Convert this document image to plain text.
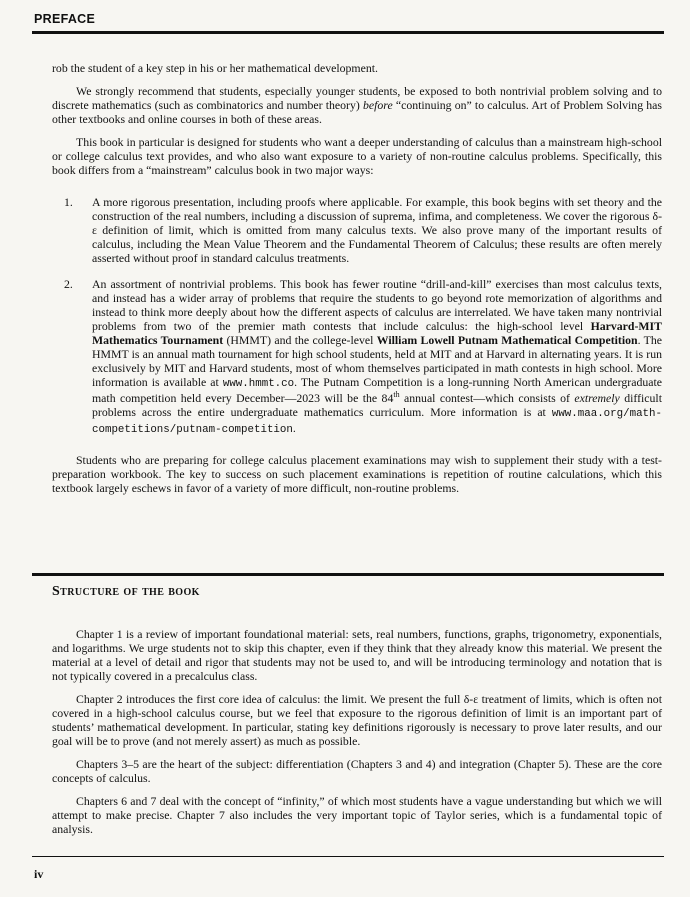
PREFACE

rob the student of a key step in his or her mathematical development.

We strongly recommend that students, especially younger students, be exposed to both nontrivial problem solving and to discrete mathematics (such as combinatorics and number theory) before “continuing on” to calculus. Art of Problem Solving has other textbooks and online courses in both of these areas.

This book in particular is designed for students who want a deeper understanding of calculus than a mainstream high-school or college calculus text provides, and who also want exposure to a variety of non-routine calculus problems. Specifically, this book differs from a “mainstream” calculus book in two major ways:

1. A more rigorous presentation, including proofs where applicable. For example, this book begins with set theory and the construction of the real numbers, including a discussion of suprema, infima, and completeness. We cover the rigorous δ-ε definition of limit, which is omitted from many calculus texts. We also prove many of the important results of calculus, including the Mean Value Theorem and the Fundamental Theorem of Calculus; these results are often merely asserted without proof in standard calculus treatments.
2. An assortment of nontrivial problems. This book has fewer routine “drill-and-kill” exercises than most calculus texts, and instead has a wider array of problems that require the students to go beyond rote memorization of algorithms and instead to think more deeply about how the different aspects of calculus are interrelated. We have taken many nontrivial problems from two of the premier math contests that include calculus: the high-school level Harvard-MIT Mathematics Tournament (HMMT) and the college-level William Lowell Putnam Mathematical Competition. The HMMT is an annual math tournament for high school students, held at MIT and at Harvard in alternating years. It is run exclusively by MIT and Harvard students, most of whom themselves participated in math contests in high school. More information is available at www.hmmt.co. The Putnam Competition is a long-running North American undergraduate math competition held every December—2023 will be the 84th annual contest—which consists of extremely difficult problems across the entire undergraduate mathematics curriculum. More information is at www.maa.org/math-competitions/putnam-competition.

Students who are preparing for college calculus placement examinations may wish to supplement their study with a test-preparation workbook. The key to success on such placement examinations is repetition of routine calculations, which this textbook largely eschews in favor of a variety of more difficult, non-routine problems.

Structure of the book

Chapter 1 is a review of important foundational material: sets, real numbers, functions, graphs, trigonometry, exponentials, and logarithms. We urge students not to skip this chapter, even if they think that they already know this material. We present the material at a level of detail and rigor that students may not be used to, and will be introducing terminology and notation that is not typically covered in a precalculus class.

Chapter 2 introduces the first core idea of calculus: the limit. We present the full δ-ε treatment of limits, which is often not covered in a high-school calculus course, but we feel that exposure to the rigorous definition of limit is an important part of students’ mathematical development. In particular, stating key definitions rigorously is necessary to prove later results, and our goal will be to prove (and not merely assert) as much as possible.

Chapters 3–5 are the heart of the subject: differentiation (Chapters 3 and 4) and integration (Chapter 5). These are the core concepts of calculus.

Chapters 6 and 7 deal with the concept of “infinity,” of which most students have a vague understanding but which we will attempt to make precise. Chapter 7 also includes the very important topic of Taylor series, which is a fundamental topic of analysis.

iv
